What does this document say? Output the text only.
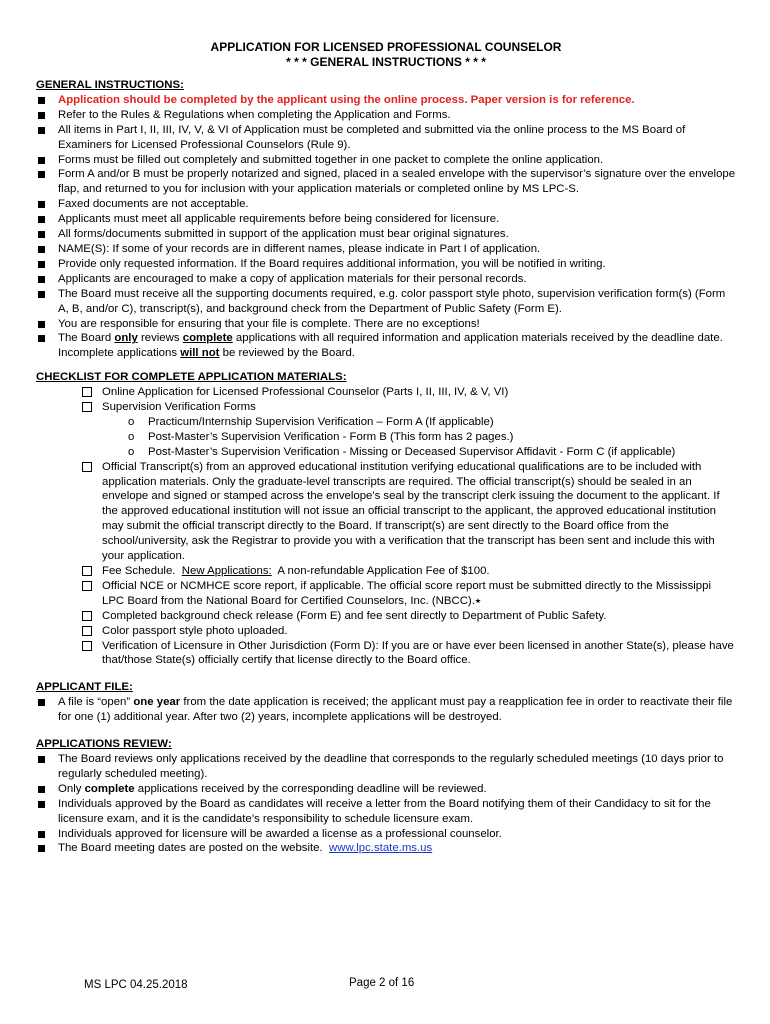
APPLICATION FOR LICENSED PROFESSIONAL COUNSELOR
* * * GENERAL INSTRUCTIONS * * *
GENERAL INSTRUCTIONS:
Application should be completed by the applicant using the online process. Paper version is for reference.
Refer to the Rules & Regulations when completing the Application and Forms.
All items in Part I, II, III, IV, V, & VI of Application must be completed and submitted via the online process to the MS Board of Examiners for Licensed Professional Counselors (Rule 9).
Forms must be filled out completely and submitted together in one packet to complete the online application.
Form A and/or B must be properly notarized and signed, placed in a sealed envelope with the supervisor’s signature over the envelope flap, and returned to you for inclusion with your application materials or completed online by MS LPC-S.
Faxed documents are not acceptable.
Applicants must meet all applicable requirements before being considered for licensure.
All forms/documents submitted in support of the application must bear original signatures.
NAME(S): If some of your records are in different names, please indicate in Part I of application.
Provide only requested information. If the Board requires additional information, you will be notified in writing.
Applicants are encouraged to make a copy of application materials for their personal records.
The Board must receive all the supporting documents required, e.g. color passport style photo, supervision verification form(s) (Form A, B, and/or C), transcript(s), and background check from the Department of Public Safety (Form E).
You are responsible for ensuring that your file is complete. There are no exceptions!
The Board only reviews complete applications with all required information and application materials received by the deadline date. Incomplete applications will not be reviewed by the Board.
CHECKLIST FOR COMPLETE APPLICATION MATERIALS:
Online Application for Licensed Professional Counselor (Parts I, II, III, IV, & V, VI)
Supervision Verification Forms
o Practicum/Internship Supervision Verification – Form A (If applicable)
o Post-Master’s Supervision Verification - Form B (This form has 2 pages.)
o Post-Master’s Supervision Verification - Missing or Deceased Supervisor Affidavit - Form C (if applicable)
Official Transcript(s) from an approved educational institution verifying educational qualifications are to be included with application materials. Only the graduate-level transcripts are required. The official transcript(s) should be sealed in an envelope and signed or stamped across the envelope's seal by the transcript clerk issuing the document to the applicant. If the approved educational institution will not issue an official transcript to the applicant, the approved educational institution may submit the official transcript directly to the Board. If transcript(s) are sent directly to the Board office from the school/university, ask the Registrar to provide you with a verification that the transcript has been sent and include this with your application.
Fee Schedule.  New Applications:  A non-refundable Application Fee of $100.
Official NCE or NCMHCE score report, if applicable. The official score report must be submitted directly to the Mississippi LPC Board from the National Board for Certified Counselors, Inc. (NBCC).⭑
Completed background check release (Form E) and fee sent directly to Department of Public Safety.
Color passport style photo uploaded.
Verification of Licensure in Other Jurisdiction (Form D): If you are or have ever been licensed in another State(s), please have that/those State(s) officially certify that license directly to the Board office.
APPLICANT FILE:
A file is “open” one year from the date application is received; the applicant must pay a reapplication fee in order to reactivate their file for one (1) additional year. After two (2) years, incomplete applications will be destroyed.
APPLICATIONS REVIEW:
The Board reviews only applications received by the deadline that corresponds to the regularly scheduled meetings (10 days prior to regularly scheduled meeting).
Only complete applications received by the corresponding deadline will be reviewed.
Individuals approved by the Board as candidates will receive a letter from the Board notifying them of their Candidacy to sit for the licensure exam, and it is the candidate’s responsibility to schedule licensure exam.
Individuals approved for licensure will be awarded a license as a professional counselor.
The Board meeting dates are posted on the website.  www.lpc.state.ms.us
MS LPC 04.25.2018	Page 2 of 16
